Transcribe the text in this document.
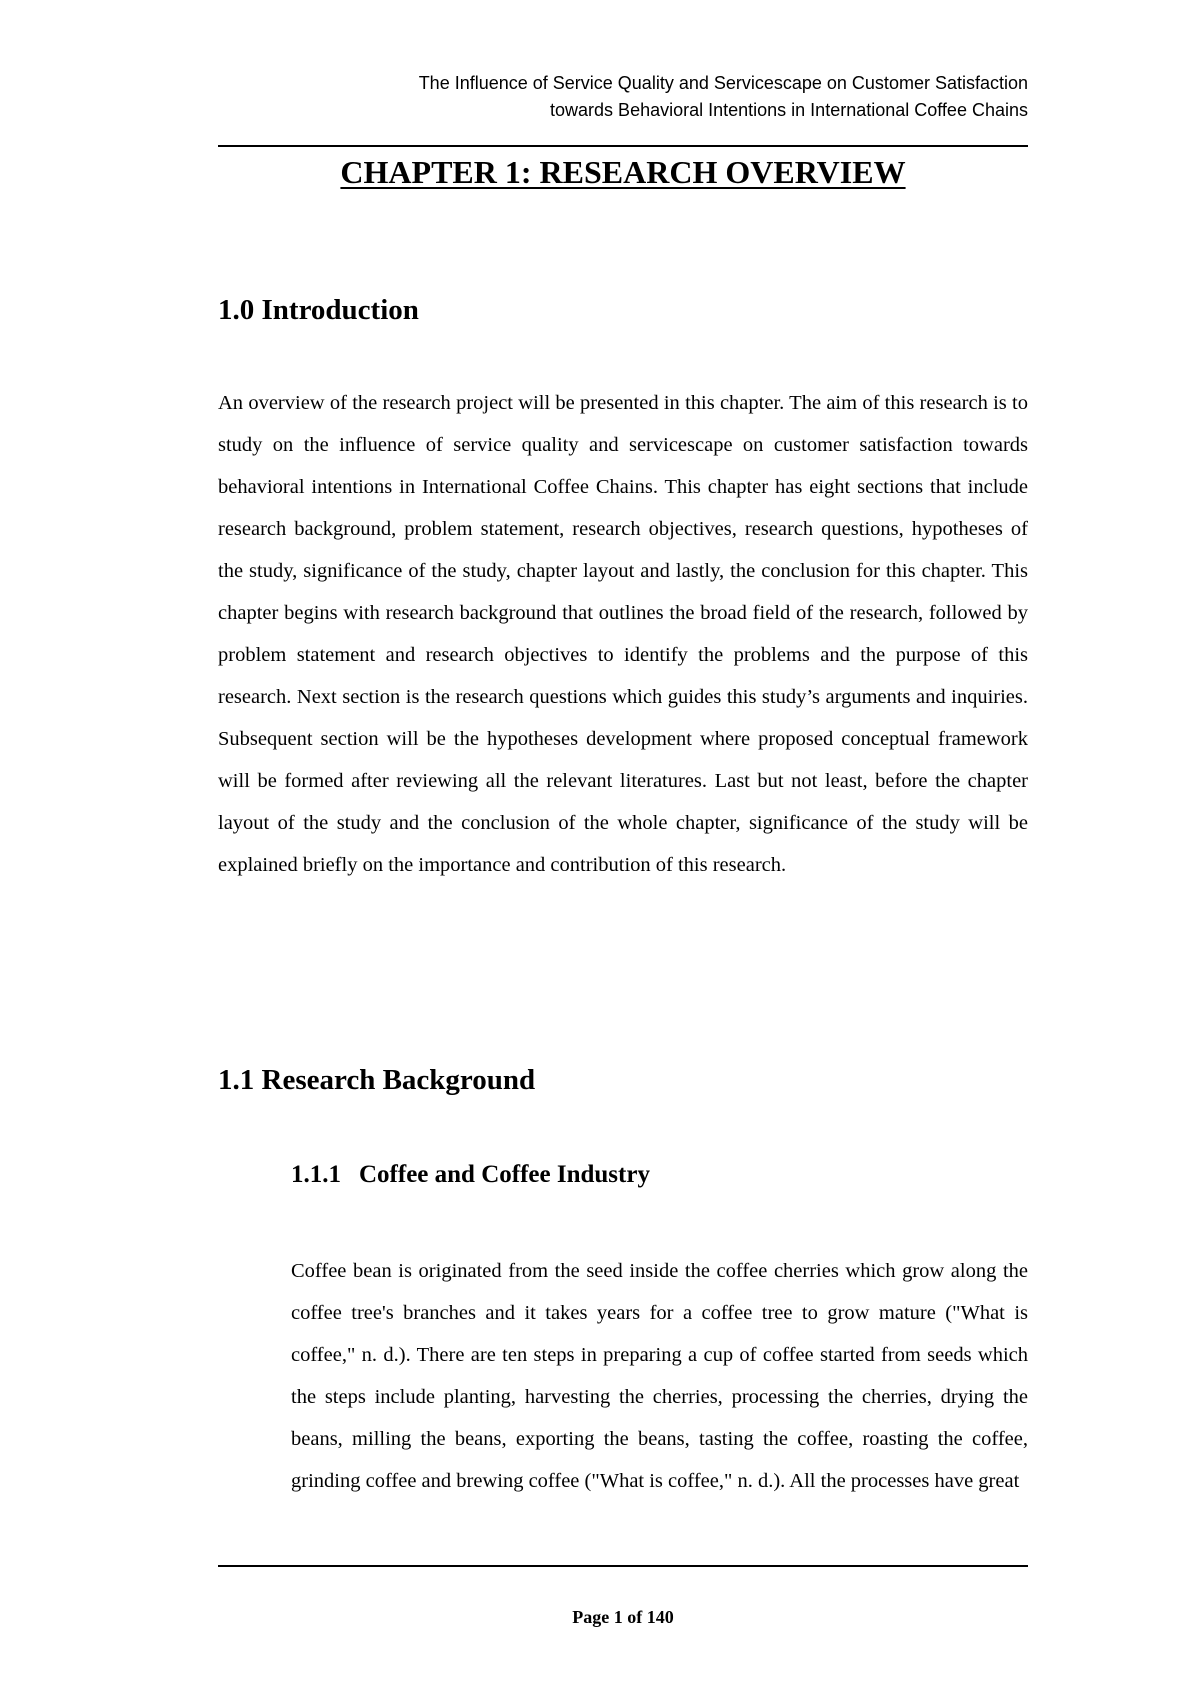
The Influence of Service Quality and Servicescape on Customer Satisfaction
towards Behavioral Intentions in International Coffee Chains
CHAPTER 1: RESEARCH OVERVIEW
1.0 Introduction

An overview of the research project will be presented in this chapter. The aim of this research is to study on the influence of service quality and servicescape on customer satisfaction towards behavioral intentions in International Coffee Chains. This chapter has eight sections that include research background, problem statement, research objectives, research questions, hypotheses of the study, significance of the study, chapter layout and lastly, the conclusion for this chapter. This chapter begins with research background that outlines the broad field of the research, followed by problem statement and research objectives to identify the problems and the purpose of this research. Next section is the research questions which guides this study’s arguments and inquiries. Subsequent section will be the hypotheses development where proposed conceptual framework will be formed after reviewing all the relevant literatures. Last but not least, before the chapter layout of the study and the conclusion of the whole chapter, significance of the study will be explained briefly on the importance and contribution of this research.

1.1 Research Background
1.1.1 Coffee and Coffee Industry

Coffee bean is originated from the seed inside the coffee cherries which grow along the coffee tree's branches and it takes years for a coffee tree to grow mature ("What is coffee," n. d.). There are ten steps in preparing a cup of coffee started from seeds which the steps include planting, harvesting the cherries, processing the cherries, drying the beans, milling the beans, exporting the beans, tasting the coffee, roasting the coffee, grinding coffee and brewing coffee ("What is coffee," n. d.). All the processes have great

Page 1 of 140
